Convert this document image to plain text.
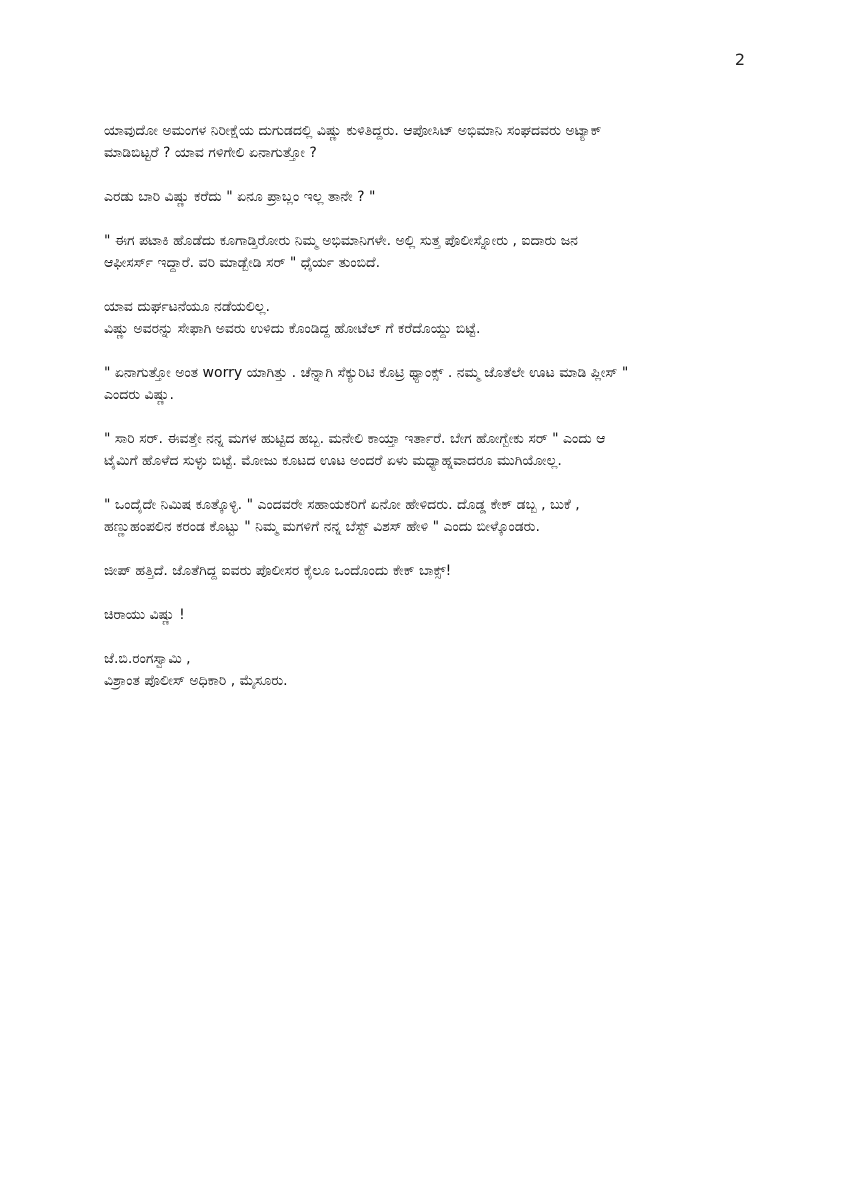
2

ಯಾವುದೋ ಅಮಂಗಳ ನಿರೀಕ್ಷೆಯ ದುಗುಡದಲ್ಲಿ ವಿಷ್ಣು ಕುಳಿತಿದ್ದರು. ಆಪೋಸಿಟ್ ಅಭಿಮಾನಿ ಸಂಘದವರು ಅಟ್ಯಾಕ್
ಮಾಡಿಬಿಟ್ಟರೆ ? ಯಾವ ಗಳಿಗೇಲಿ ಏನಾಗುತ್ತೋ ?

ಎರಡು ಬಾರಿ ವಿಷ್ಣು ಕರೆದು " ಏನೂ ಪ್ರಾಬ್ಲಂ ಇಲ್ಲ ತಾನೇ ? "

" ಈಗ ಪಟಾಕಿ ಹೊಡೆದು ಕೂಗಾಡ್ತಿರೋರು ನಿಮ್ಮ ಅಭಿಮಾನಿಗಳೇ. ಅಲ್ಲಿ ಸುತ್ತ ಪೊಲೀಸ್ನೋರು , ಐದಾರು ಜನ
ಆಫೀಸರ್ಸ್ ಇದ್ದಾರೆ. ವರಿ ಮಾಡ್ಬೇಡಿ ಸರ್ " ಧೈರ್ಯ ತುಂಬಿದೆ.

ಯಾವ ದುರ್ಘಟನೆಯೂ ನಡೆಯಲಿಲ್ಲ.
ವಿಷ್ಣು ಅವರನ್ನು ಸೇಫಾಗಿ ಅವರು ಉಳಿದು ಕೊಂಡಿದ್ದ ಹೋಟೆಲ್ ಗೆ ಕರೆದೊಯ್ದು ಬಿಟ್ಟೆ.

" ಏನಾಗುತ್ತೋ ಅಂತ worry ಯಾಗಿತ್ತು . ಚೆನ್ನಾಗಿ ಸೆಕ್ಯುರಿಟಿ ಕೊಟ್ರಿ ಥ್ಯಾಂಕ್ಸ್ . ನಮ್ಮ ಜೊತೆಲೇ ಊಟ ಮಾಡಿ ಪ್ಲೀಸ್ "
ಎಂದರು ವಿಷ್ಣು.

" ಸಾರಿ ಸರ್. ಈವತ್ತೇ ನನ್ನ ಮಗಳ ಹುಟ್ಟಿದ ಹಬ್ಬ. ಮನೇಲಿ ಕಾಯ್ತಾ ಇರ್ತಾರೆ. ಬೇಗ ಹೋಗ್ಬೇಕು ಸರ್ " ಎಂದು ಆ
ಟೈಮಿಗೆ ಹೊಳೆದ ಸುಳ್ಳು ಬಿಟ್ಟೆ. ಮೋಜು ಕೂಟದ ಊಟ ಅಂದರೆ ಏಳು ಮಧ್ಯಾಹ್ನವಾದರೂ ಮುಗಿಯೋಲ್ಲ.

" ಒಂದೈದೇ ನಿಮಿಷ ಕೂತ್ಕೊಳ್ಳಿ. " ಎಂದವರೇ ಸಹಾಯಕರಿಗೆ ಏನೋ ಹೇಳಿದರು. ದೊಡ್ಡ ಕೇಕ್ ಡಬ್ಬ , ಬುಕೆ ,
ಹಣ್ಣುಹಂಪಲಿನ ಕರಂಡ ಕೊಟ್ಟು " ನಿಮ್ಮ ಮಗಳಿಗೆ ನನ್ನ ಬೆಸ್ಟ್ ವಿಶಸ್ ಹೇಳಿ " ಎಂದು ಬೀಳ್ಕೊಂಡರು.

ಜೀಪ್ ಹತ್ತಿದೆ. ಜೊತೆಗಿದ್ದ ಐವರು ಪೊಲೀಸರ ಕೈಲೂ ಒಂದೊಂದು ಕೇಕ್ ಬಾಕ್ಸ್!

ಚಿರಾಯು ವಿಷ್ಣು !

ಜೆ.ಬಿ.ರಂಗಸ್ವಾಮಿ ,
ವಿಶ್ರಾಂತ ಪೊಲೀಸ್ ಅಧಿಕಾರಿ , ಮೈಸೂರು.
